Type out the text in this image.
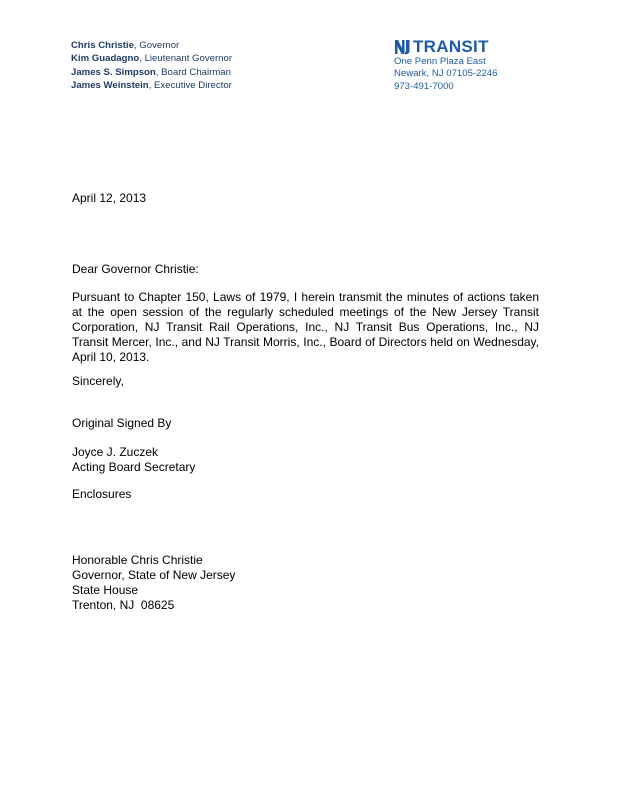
Chris Christie, Governor
Kim Guadagno, Lieutenant Governor
James S. Simpson, Board Chairman
James Weinstein, Executive Director
TRANSIT
One Penn Plaza East
Newark, NJ 07105-2246
973-491-7000
April 12, 2013
Dear Governor Christie:
Pursuant to Chapter 150, Laws of 1979, I herein transmit the minutes of actions taken at the open session of the regularly scheduled meetings of the New Jersey Transit Corporation, NJ Transit Rail Operations, Inc., NJ Transit Bus Operations, Inc., NJ Transit Mercer, Inc., and NJ Transit Morris, Inc., Board of Directors held on Wednesday, April 10, 2013.
Sincerely,
Original Signed By
Joyce J. Zuczek
Acting Board Secretary
Enclosures
Honorable Chris Christie
Governor, State of New Jersey
State House
Trenton, NJ  08625
